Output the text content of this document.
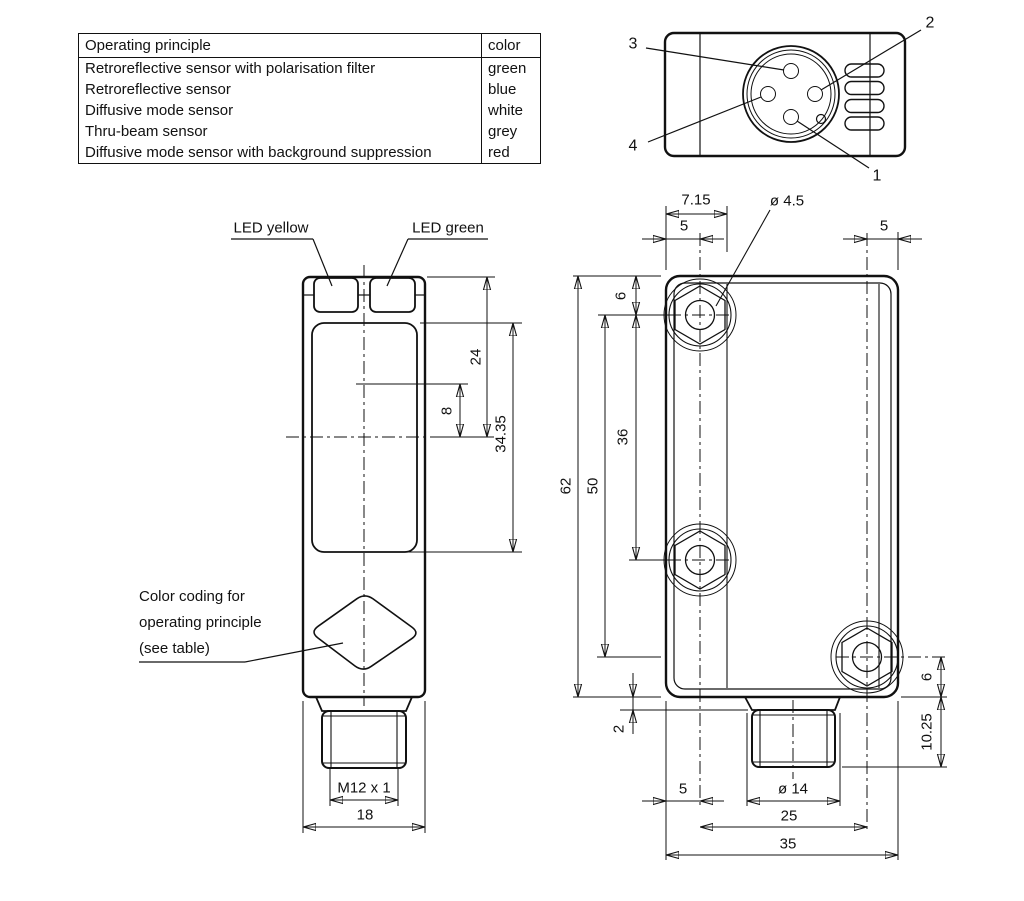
Operating principle	color
Retroreflective sensor with polarisation filter	green
Retroreflective sensor	blue
Diffusive mode sensor	white
Thru-beam sensor	grey
Diffusive mode sensor with background suppression	red
3
2
4
1
LED yellow	LED green
Color coding for
operating principle
(see table)
24
8
34.35
M12 x 1
18
7.15	ø 4.5
5	5
6
36
50
62
2
5	ø 14
25
35
6
10.25
